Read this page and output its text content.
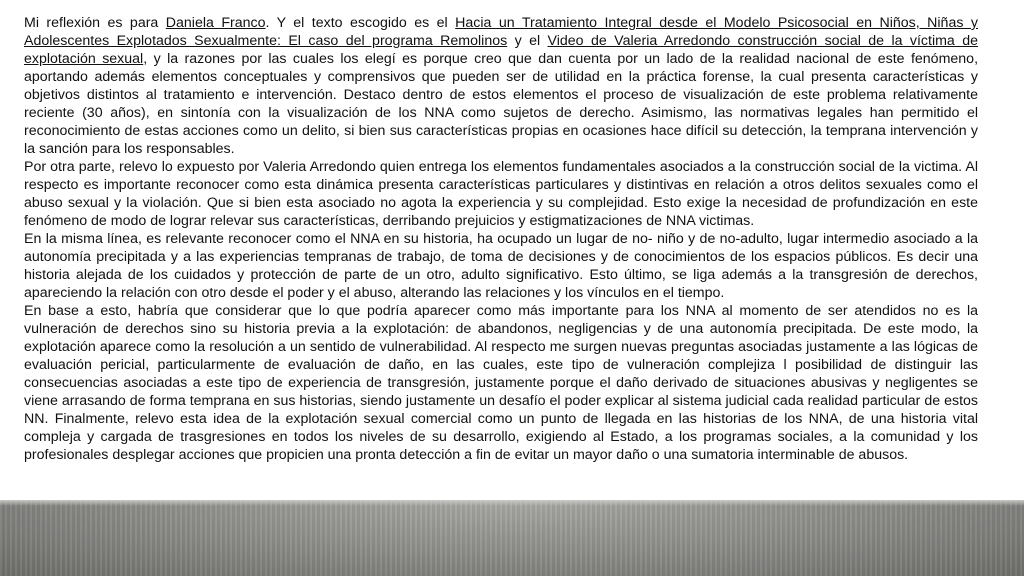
Mi reflexión es para Daniela Franco. Y el texto escogido es el Hacia un Tratamiento Integral desde el Modelo Psicosocial en Niños, Niñas y Adolescentes Explotados Sexualmente: El caso del programa Remolinos y el Video de Valeria Arredondo construcción social de la víctima de explotación sexual, y la razones por las cuales los elegí es porque creo que dan cuenta por un lado de la realidad nacional de este fenómeno, aportando además elementos conceptuales y comprensivos que pueden ser de utilidad en la práctica forense, la cual presenta características y objetivos distintos al tratamiento e intervención. Destaco dentro de estos elementos el proceso de visualización de este problema relativamente reciente (30 años), en sintonía con la visualización de los NNA como sujetos de derecho. Asimismo, las normativas legales han permitido el reconocimiento de estas acciones como un delito, si bien sus características propias en ocasiones hace difícil su detección, la temprana intervención y la sanción para los responsables.

Por otra parte, relevo lo expuesto por Valeria Arredondo quien entrega los elementos fundamentales asociados a la construcción social de la victima. Al respecto es importante reconocer como esta dinámica presenta características particulares y distintivas en relación a otros delitos sexuales como el abuso sexual y la violación. Que si bien esta asociado no agota la experiencia y su complejidad. Esto exige la necesidad de profundización en este fenómeno de modo de lograr relevar sus características, derribando prejuicios y estigmatizaciones de NNA victimas.

En la misma línea, es relevante reconocer como el NNA en su historia, ha ocupado un lugar de no- niño y de no-adulto, lugar intermedio asociado a la autonomía precipitada y a las experiencias tempranas de trabajo, de toma de decisiones y de conocimientos de los espacios públicos. Es decir una historia alejada de los cuidados y protección de parte de un otro, adulto significativo. Esto último, se liga además a la transgresión de derechos, apareciendo la relación con otro desde el poder y el abuso, alterando las relaciones y los vínculos en el tiempo.

En base a esto, habría que considerar que lo que podría aparecer como más importante para los NNA al momento de ser atendidos no es la vulneración de derechos sino su historia previa a la explotación: de abandonos, negligencias y de una autonomía precipitada. De este modo, la explotación aparece como la resolución a un sentido de vulnerabilidad. Al respecto me surgen nuevas preguntas asociadas justamente a las lógicas de evaluación pericial, particularmente de evaluación de daño, en las cuales, este tipo de vulneración complejiza l posibilidad de distinguir las consecuencias asociadas a este tipo de experiencia de transgresión, justamente porque el daño derivado de situaciones abusivas y negligentes se viene arrasando de forma temprana en sus historias, siendo justamente un desafío el poder explicar al sistema judicial cada realidad particular de estos NN. Finalmente, relevo esta idea de la explotación sexual comercial como un punto de llegada en las historias de los NNA, de una historia vital compleja y cargada de trasgresiones en todos los niveles de su desarrollo, exigiendo al Estado, a los programas sociales, a la comunidad y los profesionales desplegar acciones que propicien una pronta detección a fin de evitar un mayor daño o una sumatoria interminable de abusos.
